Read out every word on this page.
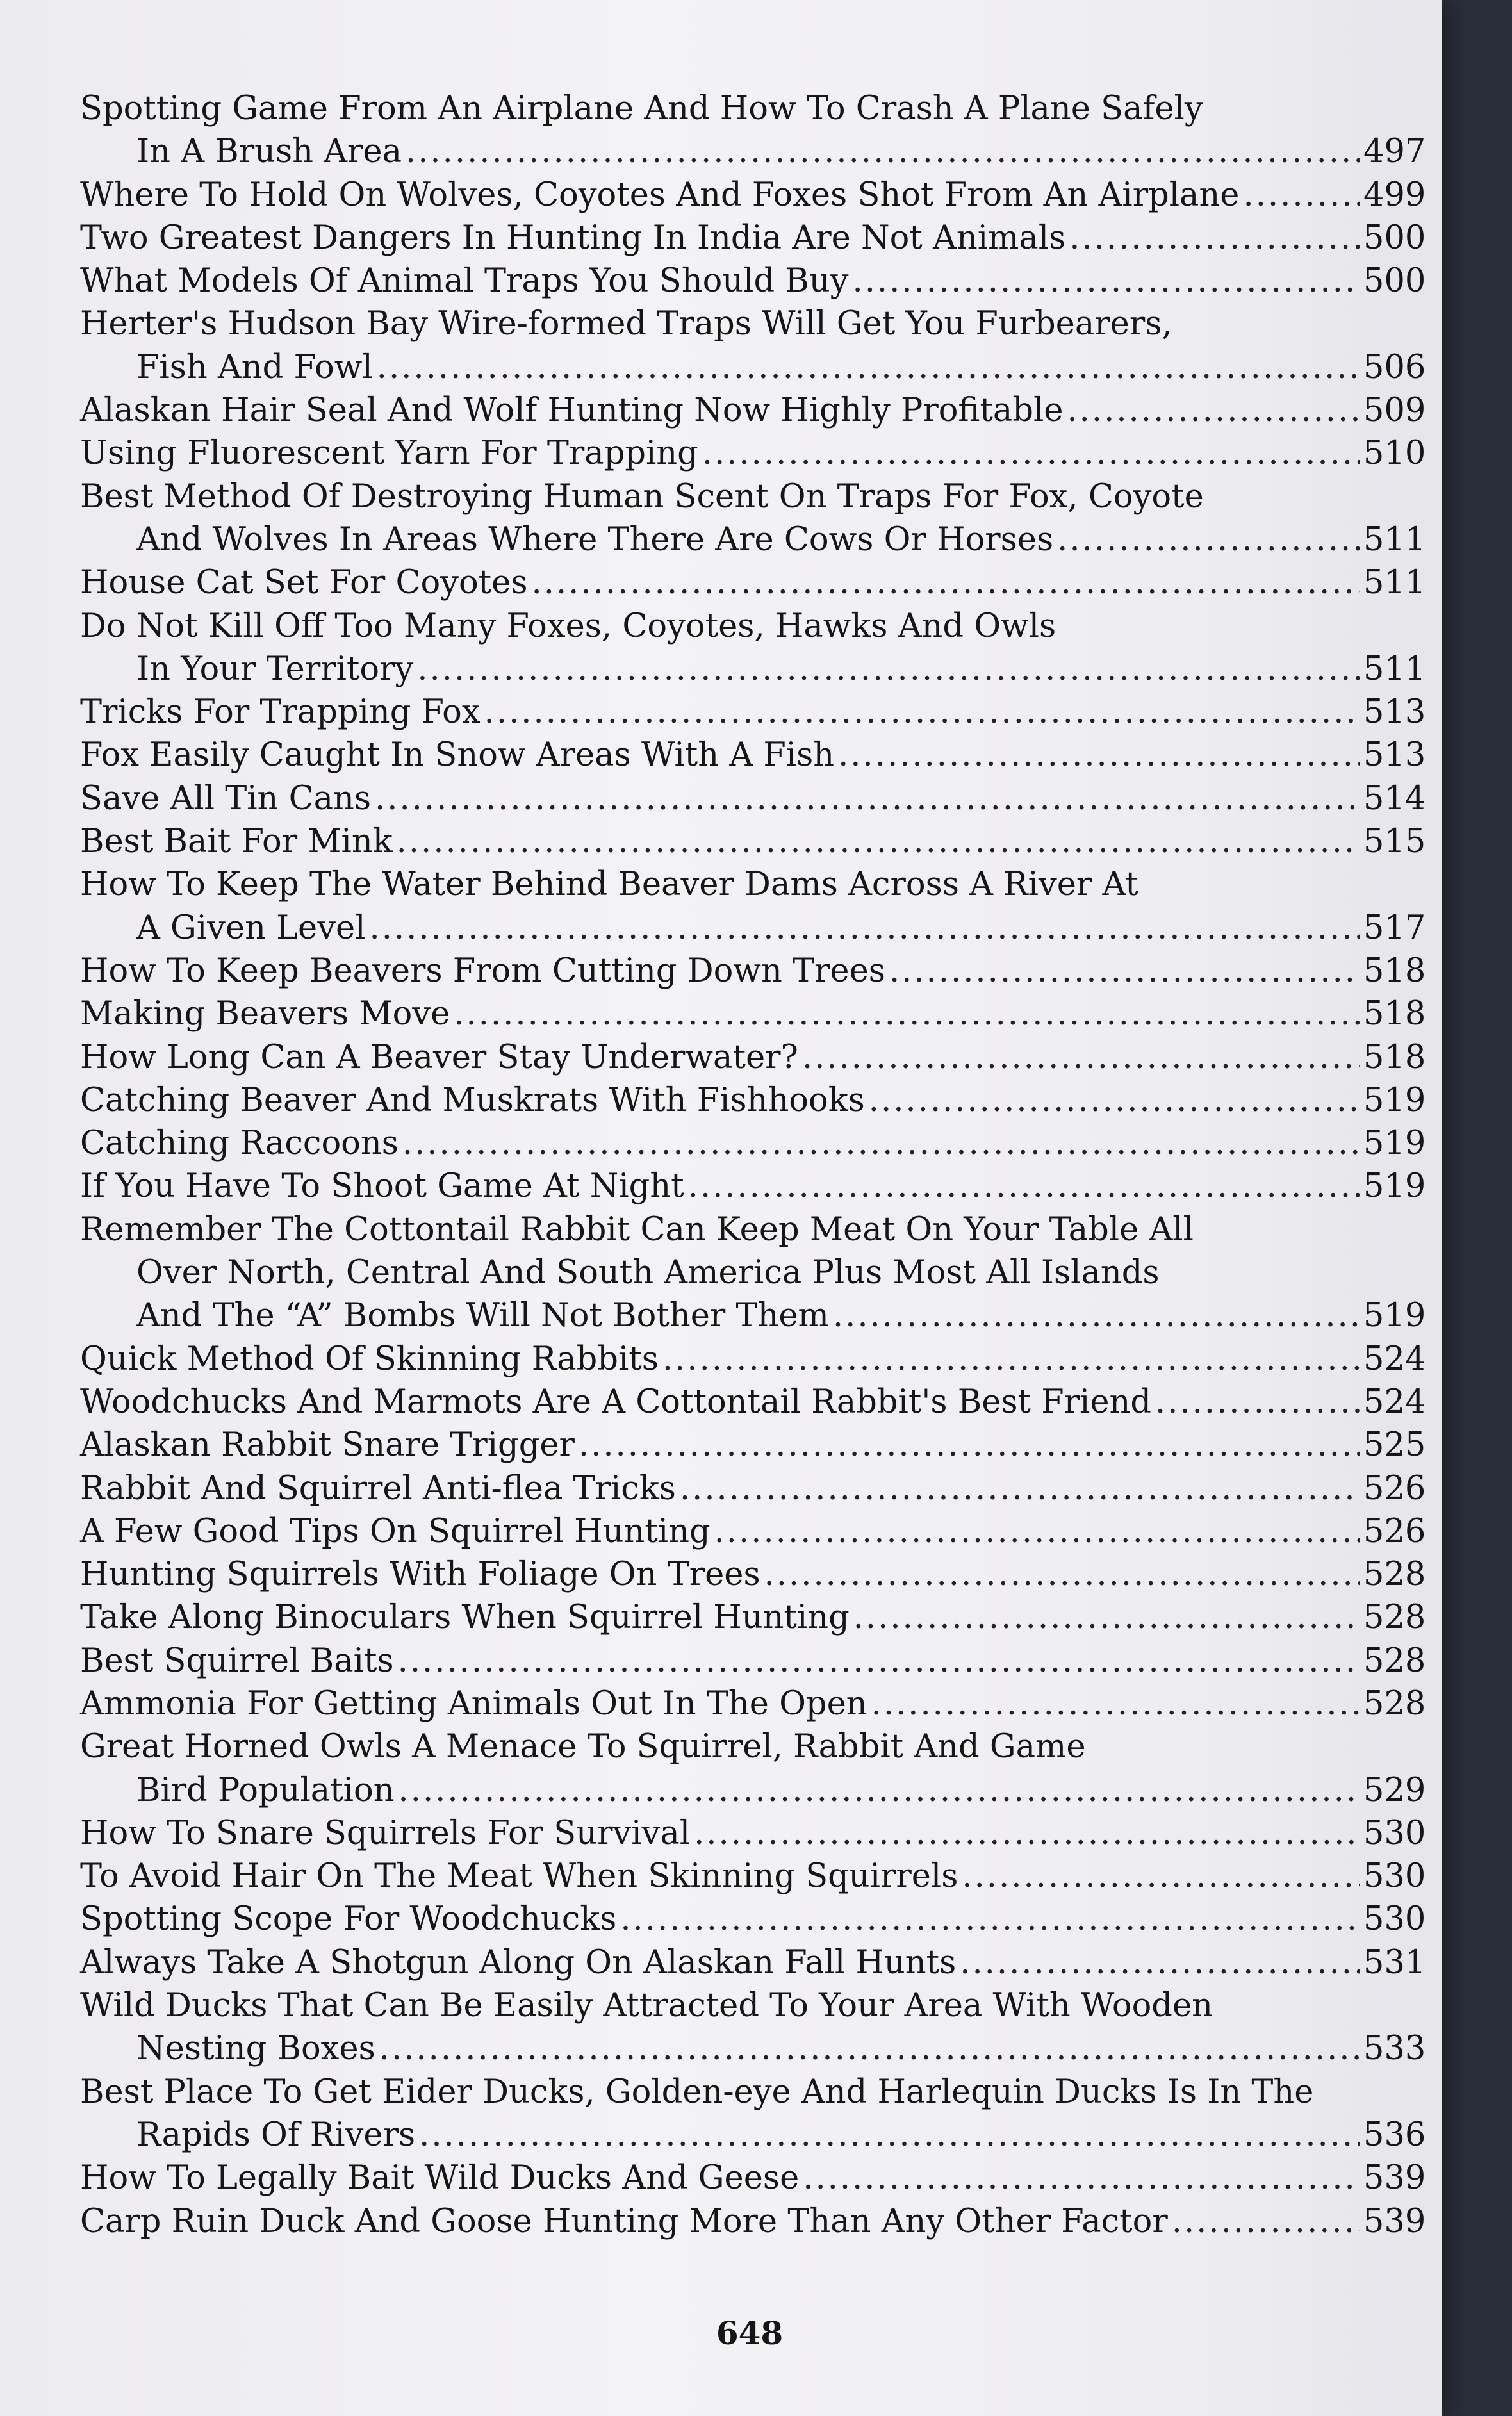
Spotting Game From An Airplane And How To Crash A Plane Safely
In A Brush Area .....	497
Where To Hold On Wolves, Coyotes And Foxes Shot From An Airplane .....	499
Two Greatest Dangers In Hunting In India Are Not Animals .....	500
What Models Of Animal Traps You Should Buy .....	500
Herter's Hudson Bay Wire-formed Traps Will Get You Furbearers,
Fish And Fowl .....	506
Alaskan Hair Seal And Wolf Hunting Now Highly Profitable .....	509
Using Fluorescent Yarn For Trapping .....	510
Best Method Of Destroying Human Scent On Traps For Fox, Coyote
And Wolves In Areas Where There Are Cows Or Horses .....	511
House Cat Set For Coyotes .....	511
Do Not Kill Off Too Many Foxes, Coyotes, Hawks And Owls
In Your Territory .....	511
Tricks For Trapping Fox .....	513
Fox Easily Caught In Snow Areas With A Fish .....	513
Save All Tin Cans .....	514
Best Bait For Mink .....	515
How To Keep The Water Behind Beaver Dams Across A River At
A Given Level .....	517
How To Keep Beavers From Cutting Down Trees .....	518
Making Beavers Move .....	518
How Long Can A Beaver Stay Underwater? .....	518
Catching Beaver And Muskrats With Fishhooks .....	519
Catching Raccoons .....	519
If You Have To Shoot Game At Night .....	519
Remember The Cottontail Rabbit Can Keep Meat On Your Table All
Over North, Central And South America Plus Most All Islands
And The “A” Bombs Will Not Bother Them .....	519
Quick Method Of Skinning Rabbits .....	524
Woodchucks And Marmots Are A Cottontail Rabbit's Best Friend .....	524
Alaskan Rabbit Snare Trigger .....	525
Rabbit And Squirrel Anti-flea Tricks .....	526
A Few Good Tips On Squirrel Hunting .....	526
Hunting Squirrels With Foliage On Trees .....	528
Take Along Binoculars When Squirrel Hunting .....	528
Best Squirrel Baits .....	528
Ammonia For Getting Animals Out In The Open .....	528
Great Horned Owls A Menace To Squirrel, Rabbit And Game
Bird Population .....	529
How To Snare Squirrels For Survival .....	530
To Avoid Hair On The Meat When Skinning Squirrels .....	530
Spotting Scope For Woodchucks .....	530
Always Take A Shotgun Along On Alaskan Fall Hunts .....	531
Wild Ducks That Can Be Easily Attracted To Your Area With Wooden
Nesting Boxes .....	533
Best Place To Get Eider Ducks, Golden-eye And Harlequin Ducks Is In The
Rapids Of Rivers .....	536
How To Legally Bait Wild Ducks And Geese .....	539
Carp Ruin Duck And Goose Hunting More Than Any Other Factor .....	539
648
